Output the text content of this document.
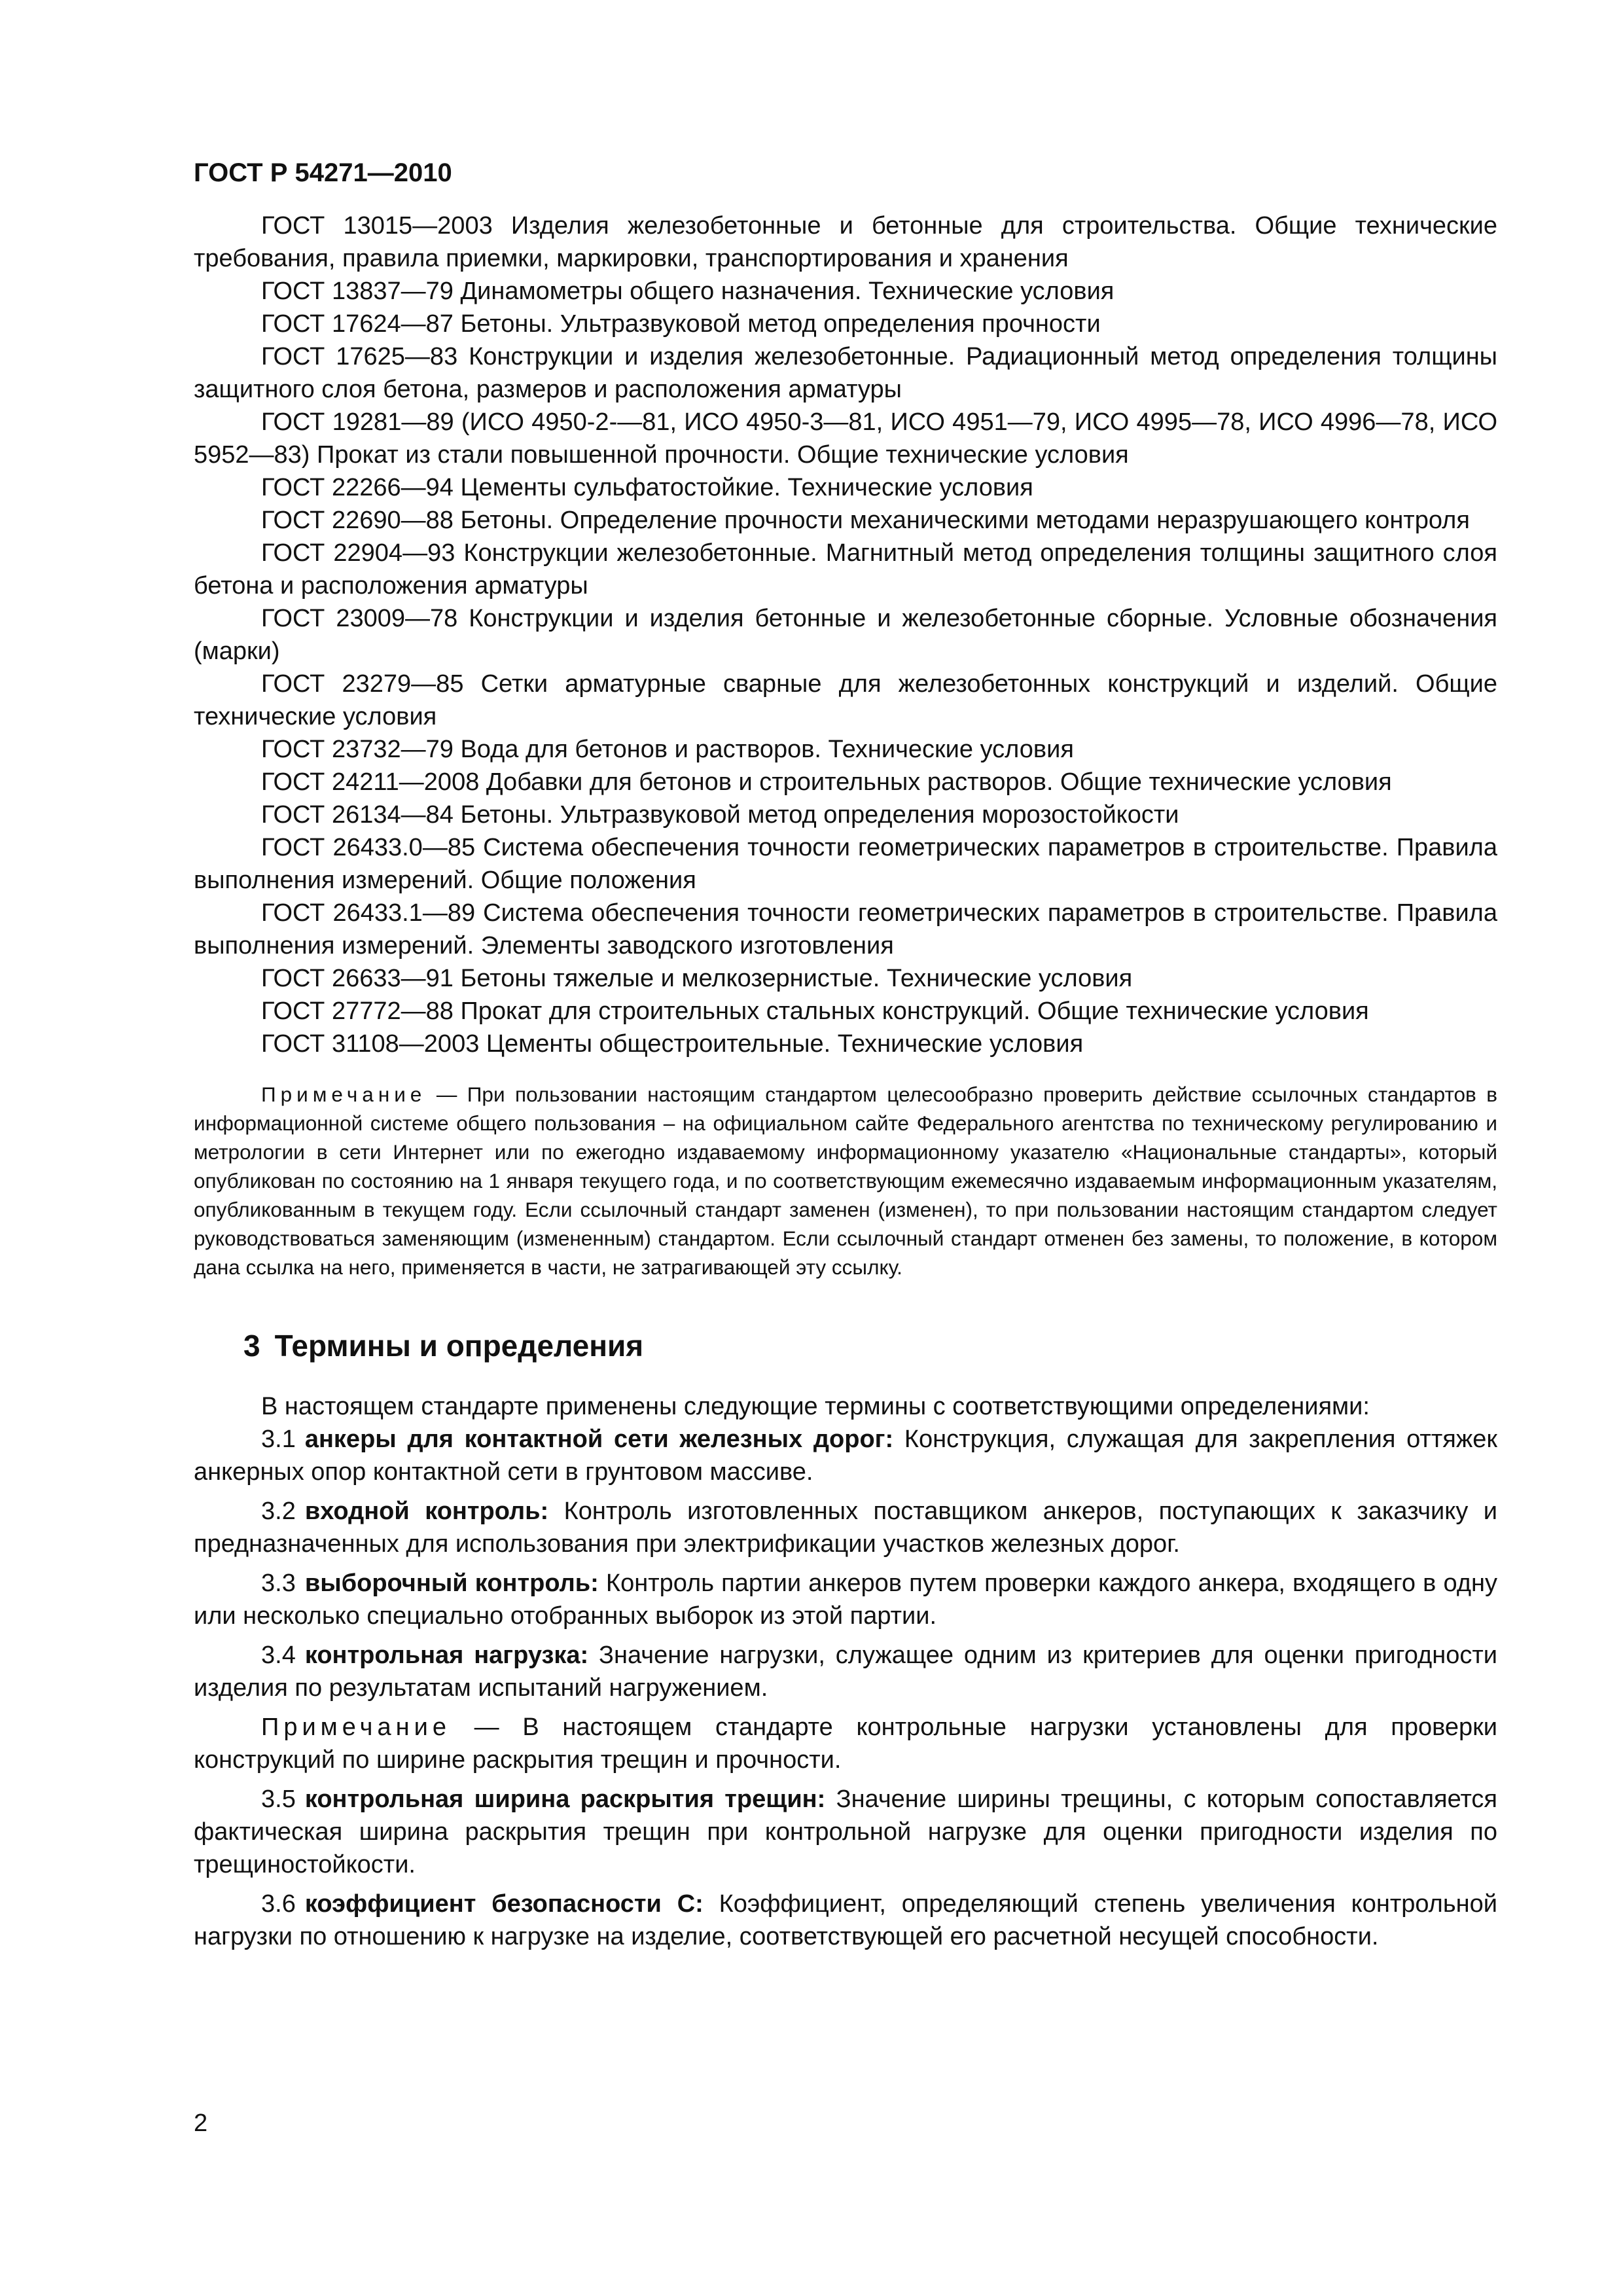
ГОСТ Р 54271—2010

ГОСТ 13015—2003 Изделия железобетонные и бетонные для строительства. Общие технические требования, правила приемки, маркировки, транспортирования и хранения

ГОСТ 13837—79 Динамометры общего назначения. Технические условия

ГОСТ 17624—87 Бетоны. Ультразвуковой метод определения прочности

ГОСТ 17625—83 Конструкции и изделия железобетонные. Радиационный метод определения толщины защитного слоя бетона, размеров и расположения арматуры

ГОСТ 19281—89 (ИСО 4950-2-—81, ИСО 4950-3—81, ИСО 4951—79, ИСО 4995—78, ИСО 4996—78, ИСО 5952—83) Прокат из стали повышенной прочности. Общие технические условия

ГОСТ 22266—94 Цементы сульфатостойкие. Технические условия

ГОСТ 22690—88 Бетоны. Определение прочности механическими методами неразрушающего контроля

ГОСТ 22904—93 Конструкции железобетонные. Магнитный метод определения толщины защитного слоя бетона и расположения арматуры

ГОСТ 23009—78 Конструкции и изделия бетонные и железобетонные сборные. Условные обозначения (марки)

ГОСТ 23279—85 Сетки арматурные сварные для железобетонных конструкций и изделий. Общие технические условия

ГОСТ 23732—79 Вода для бетонов и растворов. Технические условия

ГОСТ 24211—2008 Добавки для бетонов и строительных растворов. Общие технические условия

ГОСТ 26134—84 Бетоны. Ультразвуковой метод определения морозостойкости

ГОСТ 26433.0—85 Система обеспечения точности геометрических параметров в строительстве. Правила выполнения измерений. Общие положения

ГОСТ 26433.1—89 Система обеспечения точности геометрических параметров в строительстве. Правила выполнения измерений. Элементы заводского изготовления

ГОСТ 26633—91 Бетоны тяжелые и мелкозернистые. Технические условия

ГОСТ 27772—88 Прокат для строительных стальных конструкций. Общие технические условия

ГОСТ 31108—2003 Цементы общестроительные. Технические условия

Примечание — При пользовании настоящим стандартом целесообразно проверить действие ссылочных стандартов в информационной системе общего пользования – на официальном сайте Федерального агентства по техническому регулированию и метрологии в сети Интернет или по ежегодно издаваемому информационному указателю «Национальные стандарты», который опубликован по состоянию на 1 января текущего года, и по соответствующим ежемесячно издаваемым информационным указателям, опубликованным в текущем году. Если ссылочный стандарт заменен (изменен), то при пользовании настоящим стандартом следует руководствоваться заменяющим (измененным) стандартом. Если ссылочный стандарт отменен без замены, то положение, в котором дана ссылка на него, применяется в части, не затрагивающей эту ссылку.

3 Термины и определения

В настоящем стандарте применены следующие термины с соответствующими определениями:

3.1 анкеры для контактной сети железных дорог: Конструкция, служащая для закрепления оттяжек анкерных опор контактной сети в грунтовом массиве.

3.2 входной контроль: Контроль изготовленных поставщиком анкеров, поступающих к заказчику и предназначенных для использования при электрификации участков железных дорог.

3.3 выборочный контроль: Контроль партии анкеров путем проверки каждого анкера, входящего в одну или несколько специально отобранных выборок из этой партии.

3.4 контрольная нагрузка: Значение нагрузки, служащее одним из критериев для оценки пригодности изделия по результатам испытаний нагружением.

Примечание — В настоящем стандарте контрольные нагрузки установлены для проверки конструкций по ширине раскрытия трещин и прочности.

3.5 контрольная ширина раскрытия трещин: Значение ширины трещины, с которым сопоставляется фактическая ширина раскрытия трещин при контрольной нагрузке для оценки пригодности изделия по трещиностойкости.

3.6 коэффициент безопасности С: Коэффициент, определяющий степень увеличения контрольной нагрузки по отношению к нагрузке на изделие, соответствующей его расчетной несущей способности.

2
